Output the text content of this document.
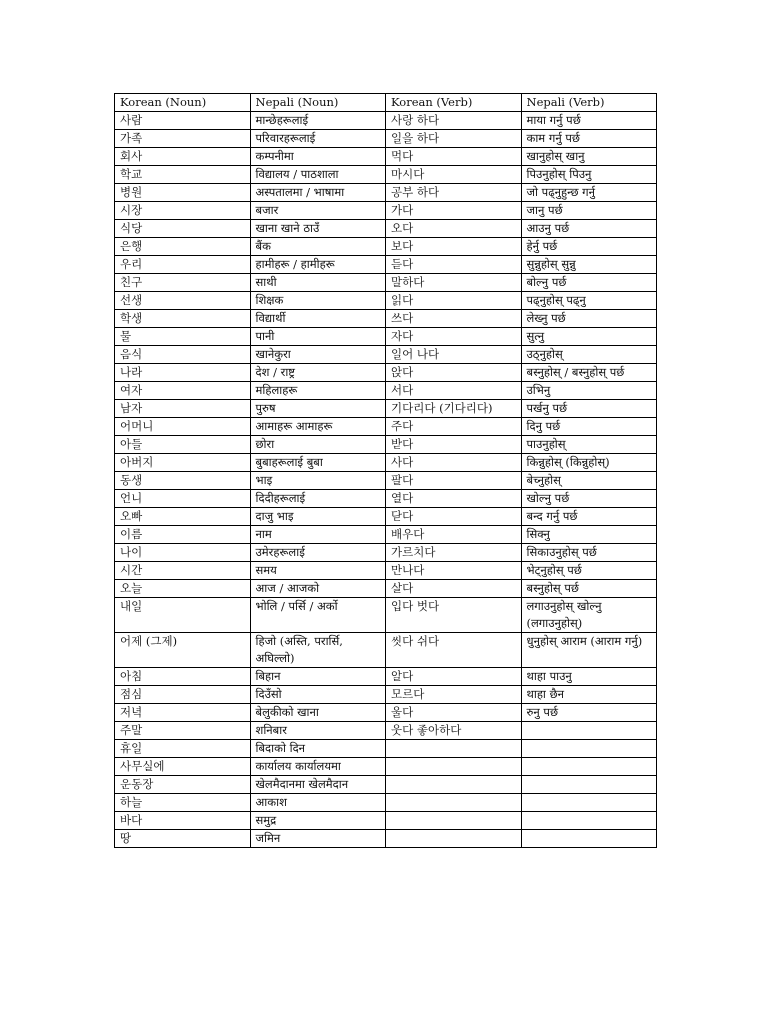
Korean (Noun)	Nepali (Noun)	Korean (Verb)	Nepali (Verb)
사람	मान्छेहरूलाई	사랑 하다	माया गर्नु पर्छ
가족	परिवारहरूलाई	일을 하다	काम गर्नु पर्छ
회사	कम्पनीमा	먹다	खानुहोस् खानु
학교	विद्यालय / पाठशाला	마시다	पिउनुहोस् पिउनु
병원	अस्पतालमा / भाषामा	공부 하다	जो पढ्नुहुन्छ गर्नु
시장	बजार	가다	जानु पर्छ
식당	खाना खाने ठाउँ	오다	आउनु पर्छ
은행	बैंक	보다	हेर्नु पर्छ
우리	हामीहरू / हामीहरू	듣다	सुन्नुहोस् सुन्नु
친구	साथी	말하다	बोल्नु पर्छ
선생	शिक्षक	읽다	पढ्नुहोस् पढ्नु
학생	विद्यार्थी	쓰다	लेख्नु पर्छ
물	पानी	자다	सुत्नु
음식	खानेकुरा	일어 나다	उठ्नुहोस्
나라	देश / राष्ट्र	앉다	बस्नुहोस् / बस्नुहोस् पर्छ
여자	महिलाहरू	서다	उभिनु
남자	पुरुष	기다리다 (기다리다)	पर्खनु पर्छ
어머니	आमाहरू आमाहरू	주다	दिनु पर्छ
아들	छोरा	받다	पाउनुहोस्
아버지	बुबाहरूलाई बुबा	사다	किन्नुहोस् (किन्नुहोस्)
동생	भाइ	팔다	बेच्नुहोस्
언니	दिदीहरूलाई	열다	खोल्नु पर्छ
오빠	दाजु भाइ	닫다	बन्द गर्नु पर्छ
이름	नाम	배우다	सिक्नु
나이	उमेरहरूलाई	가르치다	सिकाउनुहोस् पर्छ
시간	समय	만나다	भेट्नुहोस् पर्छ
오늘	आज / आजको	살다	बस्नुहोस् पर्छ
내일	भोलि / पर्सि / अर्को	입다 벗다	लगाउनुहोस् खोल्नु (लगाउनुहोस्)
어제 (그제)	हिजो (अस्ति, परार्सि, अघिल्लो)	씻다 쉬다	धुनुहोस् आराम (आराम गर्नु)
아침	बिहान	알다	थाहा पाउनु
점심	दिउँसो	모르다	थाहा छैन
저녁	बेलुकीको खाना	울다	रुनु पर्छ
주말	शनिबार	웃다 좋아하다	
휴일	बिदाको दिन		
사무실에	कार्यालय कार्यालयमा		
운동장	खेलमैदानमा खेलमैदान		
하늘	आकाश		
바다	समुद्र		
땅	जमिन		
